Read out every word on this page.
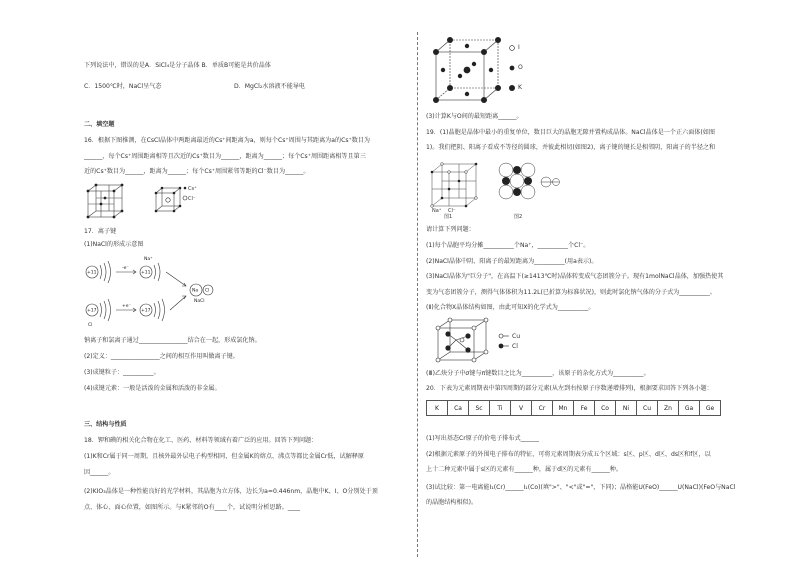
下列说法中，错误的是A．SiCl₄是分子晶体 B．单质B可能是共价晶体
C．1500℃时，NaCl呈气态	D．MgCl₂水溶液不能导电
二、填空题
16．根据下图推测，在CsCl晶体中两距离最近的Cs⁺间距离为a，则每个Cs⁺周围与其距离为a的Cs⁺数目为
______，每个Cs⁺周围距离相等且次近的Cs⁺数目为______，距离为______；每个Cs⁺周围距离相等且第三
近的Cs⁺数目为______，距离为______；每个Cs⁺周围紧邻等距的Cl⁻数目为______。
Cs⁺
Cl⁻
17．离子键
(1)NaCl的形成示意图
+11	+11
+17	+17
-e⁻
+e⁻
Na⁺
Cl
Na Cl
NaCl
钠离子和氯离子通过________________结合在一起，形成氯化钠。
(2)定义：________________之间的相互作用叫做离子键。
(3)成键粒子：__________。
(4)成键元素：一般是活泼的金属和活泼的非金属。
三、结构与性质
18．钾和碘的相关化合物在化工、医药、材料等领域有着广泛的应用。回答下列问题：
(1)K和Cr属于同一周期，且核外最外层电子构型相同，但金属K的熔点、沸点等都比金属Cr低，试解释原
因______。
(2)KIO₃晶体是一种性能良好的光学材料，其晶胞为立方体，边长为a=0.446nm，晶胞中K、I、O分别处于顶
点、体心、面心位置，如图所示。与K紧邻的O有____个，试说明分析思路。____
I
O
K
(3)计算K与O间的最短距离______。
19．(1)晶胞是晶体中最小的重复单位，数目巨大的晶胞无隙并置构成晶体。NaCl晶体是一个正六面体(如图
1)。我们把阴、阳离子看成不等径的圆球，并彼此相切(如图2)，离子键的键长是相邻阴、阳离子的半径之和
Na⁺ Cl⁻
图1	图2
请计算下列问题：
(1)每个晶胞平均分摊__________个Na⁺，__________个Cl⁻。
(2)NaCl晶体中阴、阳离子的最短距离为__________(用a表示)。
(3)NaCl晶体为"巨分子"，在高温下(≥1413℃时)晶体转变成气态团簇分子。现有1molNaCl晶体，加强热使其
变为气态团簇分子，测得气体体积为11.2L(已折算为标准状况)，则此时氯化钠气体的分子式为__________。
(Ⅱ)化合物X晶体结构如图，由此可知X的化学式为__________。
Cu
Cl
(Ⅲ)乙炔分子中σ键与π键数目之比为__________，该原子的杂化方式为__________。
20．下表为元素周期表中第四周期的部分元素(从左到右按原子序数递增排列)，根据要求回答下列各小题：
K	Ca	Sc	Ti	V	Cr	Mn	Fe	Co	Ni	Cu	Zn	Ga	Ge
(1)写出基态Cr原子的价电子排布式______
(2)根据元素原子的外围电子排布的特征，可将元素周期表分成五个区域：s区、p区、d区、ds区和f区，以
上十二种元素中属于s区的元素有______种，属于d区的元素有______种。
(3)试比较：第一电离能I₁(Cr)______I₁(Co)(填">"、"<"或"="，下同)；晶格能U(FeO)______U(NaCl)(FeO与NaCl
的晶胞结构相似)。
